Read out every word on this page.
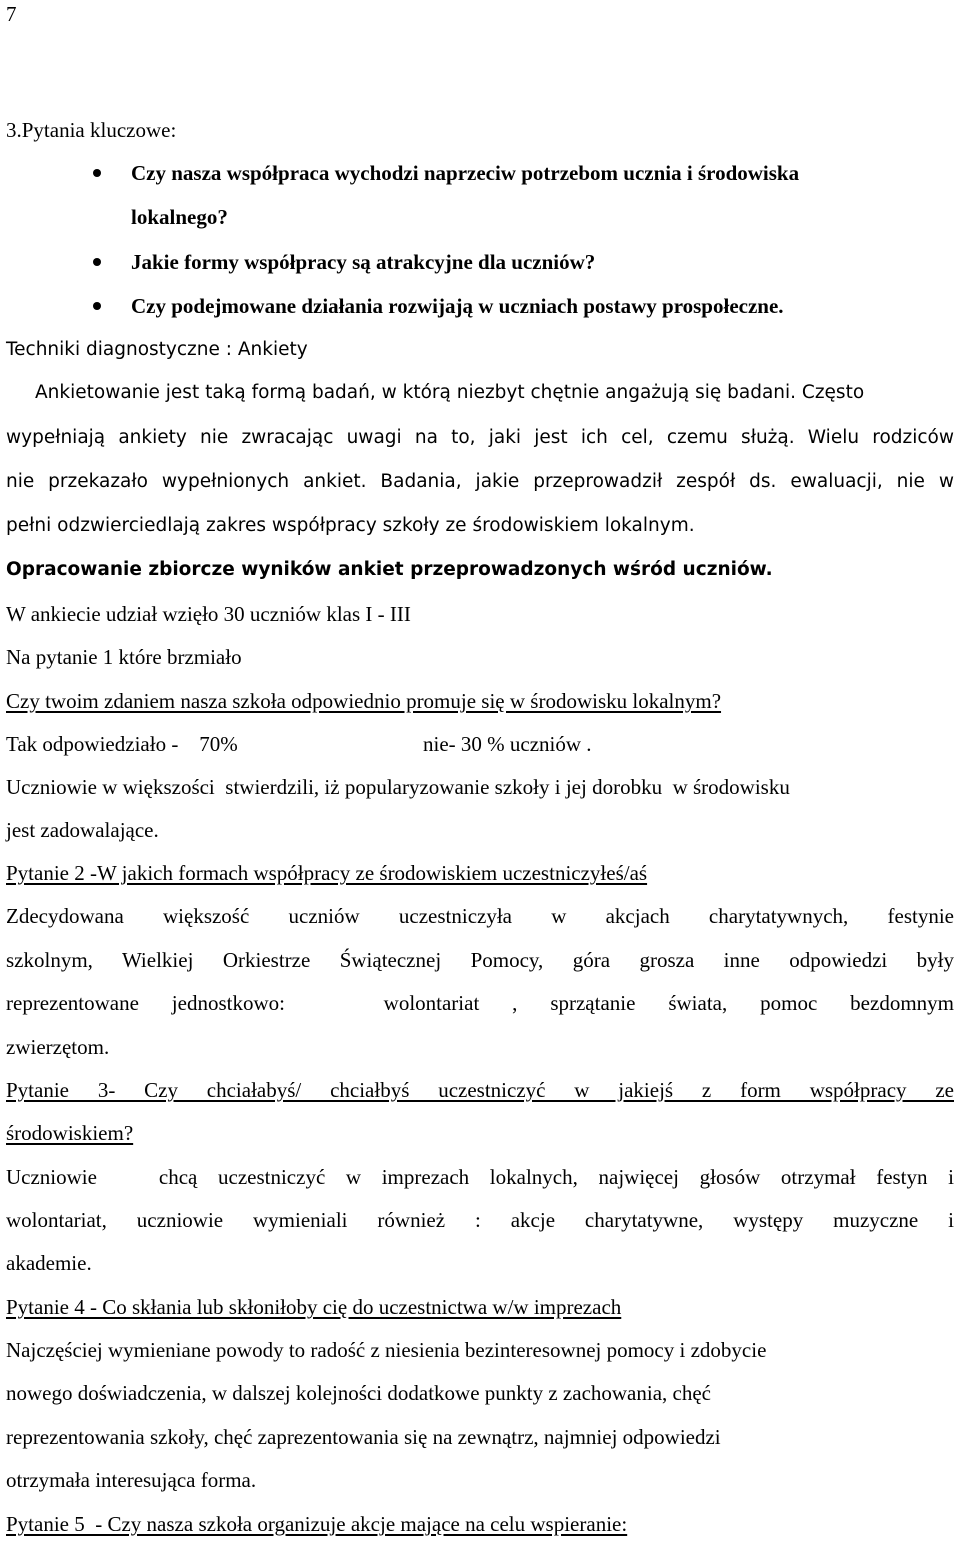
7
3.Pytania kluczowe:
Czy nasza współpraca wychodzi naprzeciw potrzebom ucznia i środowiska
lokalnego?
Jakie formy współpracy są atrakcyjne dla uczniów?
Czy podejmowane działania rozwijają w uczniach postawy prospołeczne.
Techniki diagnostyczne : Ankiety
Ankietowanie jest taką formą badań, w którą niezbyt chętnie angażują się badani. Często
wypełniają ankiety nie zwracając uwagi na to, jaki jest ich cel, czemu służą. Wielu rodziców
nie przekazało wypełnionych ankiet. Badania, jakie przeprowadził zespół ds. ewaluacji, nie w
pełni odzwierciedlają zakres współpracy szkoły ze środowiskiem lokalnym.
Opracowanie zbiorcze wyników ankiet przeprowadzonych wśród uczniów.
W ankiecie udział wzięło 30 uczniów klas I - III
Na pytanie 1 które brzmiało
Czy twoim zdaniem nasza szkoła odpowiednio promuje się w środowisku lokalnym?
Tak odpowiedziało -    70%	nie- 30 % uczniów .
Uczniowie w większości  stwierdzili, iż popularyzowanie szkoły i jej dorobku  w środowisku
jest zadowalające.
Pytanie 2 -W jakich formach współpracy ze środowiskiem uczestniczyłeś/aś
Zdecydowana większość uczniów uczestniczyła w akcjach charytatywnych, festynie
szkolnym, Wielkiej Orkiestrze Świątecznej Pomocy, góra grosza inne odpowiedzi były
reprezentowane jednostkowo:   wolontariat , sprzątanie świata, pomoc bezdomnym
zwierzętom.
Pytanie 3- Czy chciałabyś/ chciałbyś uczestniczyć w jakiejś z form współpracy ze
środowiskiem?
Uczniowie   chcą uczestniczyć w imprezach lokalnych, najwięcej głosów otrzymał festyn i
wolontariat, uczniowie wymieniali również : akcje charytatywne, występy muzyczne i
akademie.
Pytanie 4 - Co skłania lub skłoniłoby cię do uczestnictwa w/w imprezach
Najczęściej wymieniane powody to radość z niesienia bezinteresownej pomocy i zdobycie
nowego doświadczenia, w dalszej kolejności dodatkowe punkty z zachowania, chęć
reprezentowania szkoły, chęć zaprezentowania się na zewnątrz, najmniej odpowiedzi
otrzymała interesująca forma.
Pytanie 5  - Czy nasza szkoła organizuje akcje mające na celu wspieranie:
